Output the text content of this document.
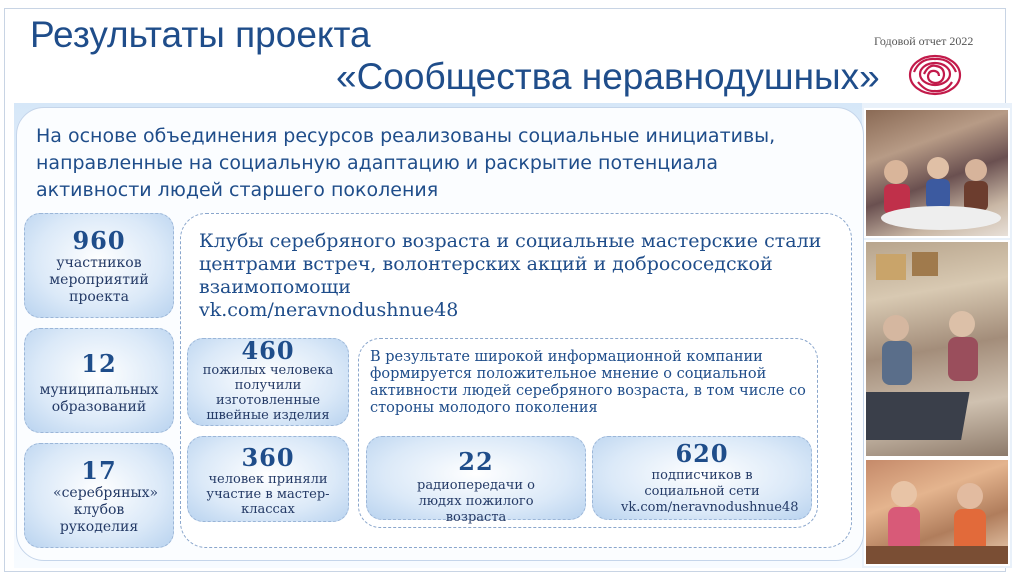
Результаты проекта
«Сообщества неравнодушных»
Годовой отчет 2022
На основе объединения ресурсов реализованы социальные инициативы, направленные на социальную адаптацию и раскрытие потенциала активности людей старшего поколения
960
участников мероприятий проекта
12
муниципальных образований
17
«серебряных» клубов рукоделия
Клубы серебряного возраста и социальные мастерские стали центрами встреч, волонтерских акций и добрососедской взаимопомощи
vk.com/neravnodushnue48
460
пожилых человека получили изготовленные швейные изделия
360
человек приняли участие в мастер-классах
В результате широкой информационной компании формируется положительное мнение о социальной активности людей серебряного возраста, в том числе со стороны молодого поколения
22
радиопередачи о людях пожилого возраста
620
подписчиков в социальной сети vk.com/neravnodushnue48
